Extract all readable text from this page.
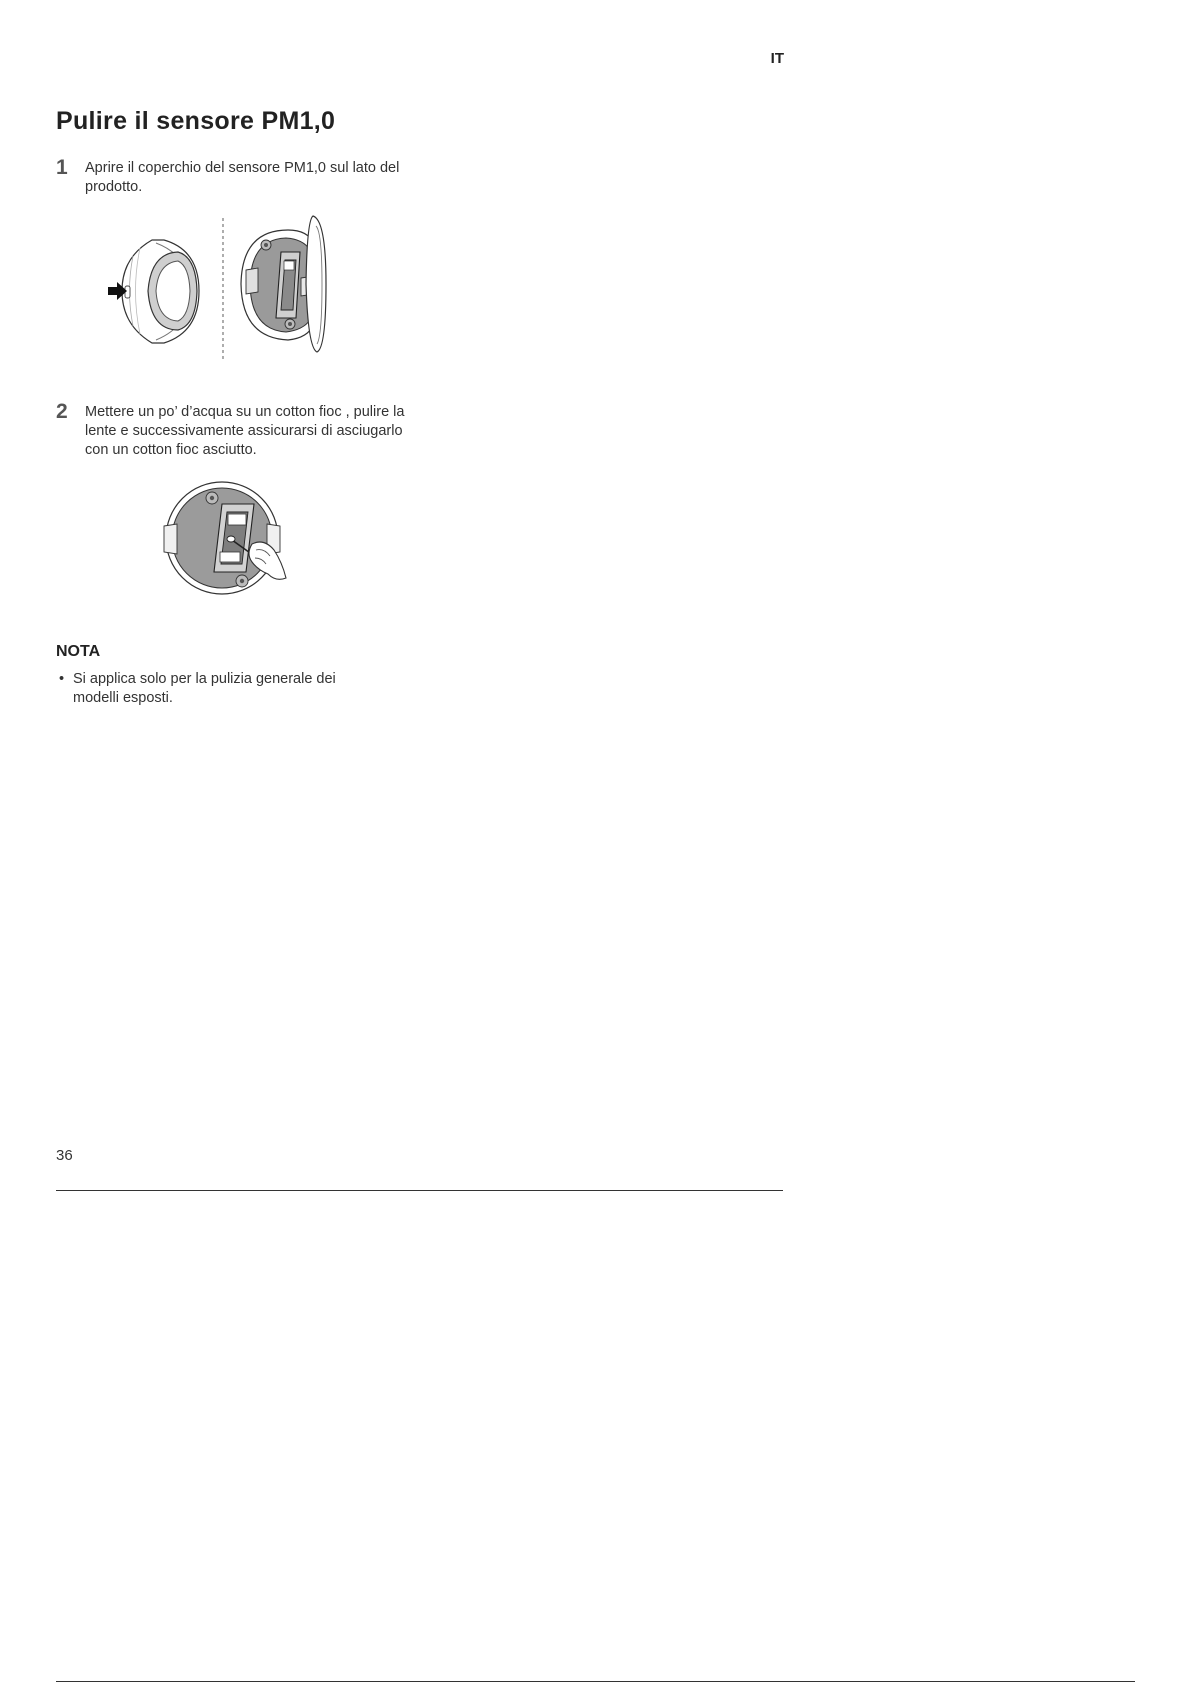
IT
Pulire il sensore PM1,0
1 Aprire il coperchio del sensore PM1,0 sul lato del prodotto.
2 Mettere un po’ d’acqua su un cotton fioc , pulire la lente e successivamente assicurarsi di asciugarlo con un cotton fioc asciutto.
NOTA
• Si applica solo per la pulizia generale dei modelli esposti.
36
